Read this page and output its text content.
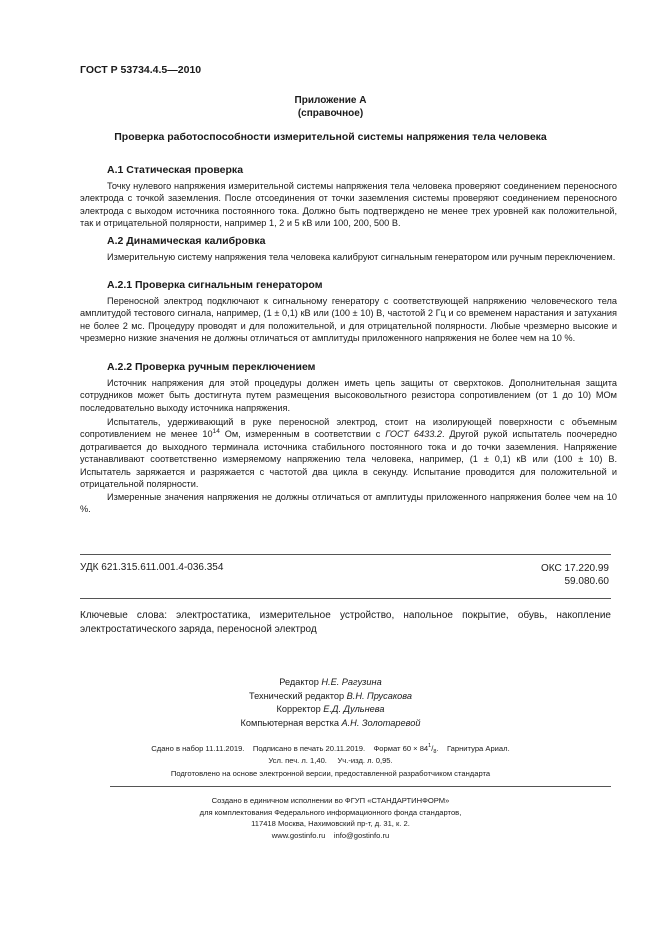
ГОСТ Р 53734.4.5—2010
Приложение А
(справочное)
Проверка работоспособности измерительной системы напряжения тела человека
А.1 Статическая проверка

Точку нулевого напряжения измерительной системы напряжения тела человека проверяют соединением переносного электрода с точкой заземления. После отсоединения от точки заземления системы проверяют соединением переносного электрода с выходом источника постоянного тока. Должно быть подтверждено не менее трех уровней как положительной, так и отрицательной полярности, например 1, 2 и 5 кВ или 100, 200, 500 В.

А.2 Динамическая калибровка

Измерительную систему напряжения тела человека калибруют сигнальным генератором или ручным переключением.

А.2.1 Проверка сигнальным генератором

Переносной электрод подключают к сигнальному генератору с соответствующей напряжению человеческого тела амплитудой тестового сигнала, например, (1 ± 0,1) кВ или (100 ± 10) В, частотой 2 Гц и со временем нарастания и затухания не более 2 мс. Процедуру проводят и для положительной, и для отрицательной полярности. Любые чрезмерно высокие и чрезмерно низкие значения не должны отличаться от амплитуды приложенного напряжения не более чем на 10 %.

А.2.2 Проверка ручным переключением

Источник напряжения для этой процедуры должен иметь цепь защиты от сверхтоков. Дополнительная защита сотрудников может быть достигнута путем размещения высоковольтного резистора сопротивлением (от 1 до 10) МОм последовательно выходу источника напряжения.

Испытатель, удерживающий в руке переносной электрод, стоит на изолирующей поверхности с объемным сопротивлением не менее $10^{14}$ Ом, измеренным в соответствии с ГОСТ 6433.2. Другой рукой испытатель поочередно дотрагивается до выходного терминала источника стабильного постоянного тока и до точки заземления. Напряжение устанавливают соответственно измеряемому напряжению тела человека, например, (1 ± 0,1) кВ или (100 ± 10) В. Испытатель заряжается и разряжается с частотой два цикла в секунду. Испытание проводится для положительной и отрицательной полярности.

Измеренные значения напряжения не должны отличаться от амплитуды приложенного напряжения более чем на 10 %.

УДК 621.315.611.001.4-036.354	ОКС 17.220.99
59.080.60

Ключевые слова: электростатика, измерительное устройство, напольное покрытие, обувь, накопление электростатического заряда, переносной электрод

Редактор Н.Е. Рагузина
Технический редактор В.Н. Прусакова
Корректор Е.Д. Дульнева
Компьютерная верстка А.Н. Золотаревой
Сдано в набор 11.11.2019. Подписано в печать 20.11.2019. Формат $60 \times 84^1/_8$. Гарнитура Ариал.
Усл. печ. л. 1,40. Уч.-изд. л. 0,95.
Подготовлено на основе электронной версии, предоставленной разработчиком стандарта
Создано в единичном исполнении во ФГУП «СТАНДАРТИНФОРМ»
для комплектования Федерального информационного фонда стандартов,
117418 Москва, Нахимовский пр-т, д. 31, к. 2.
www.gostinfo.ru info@gostinfo.ru
